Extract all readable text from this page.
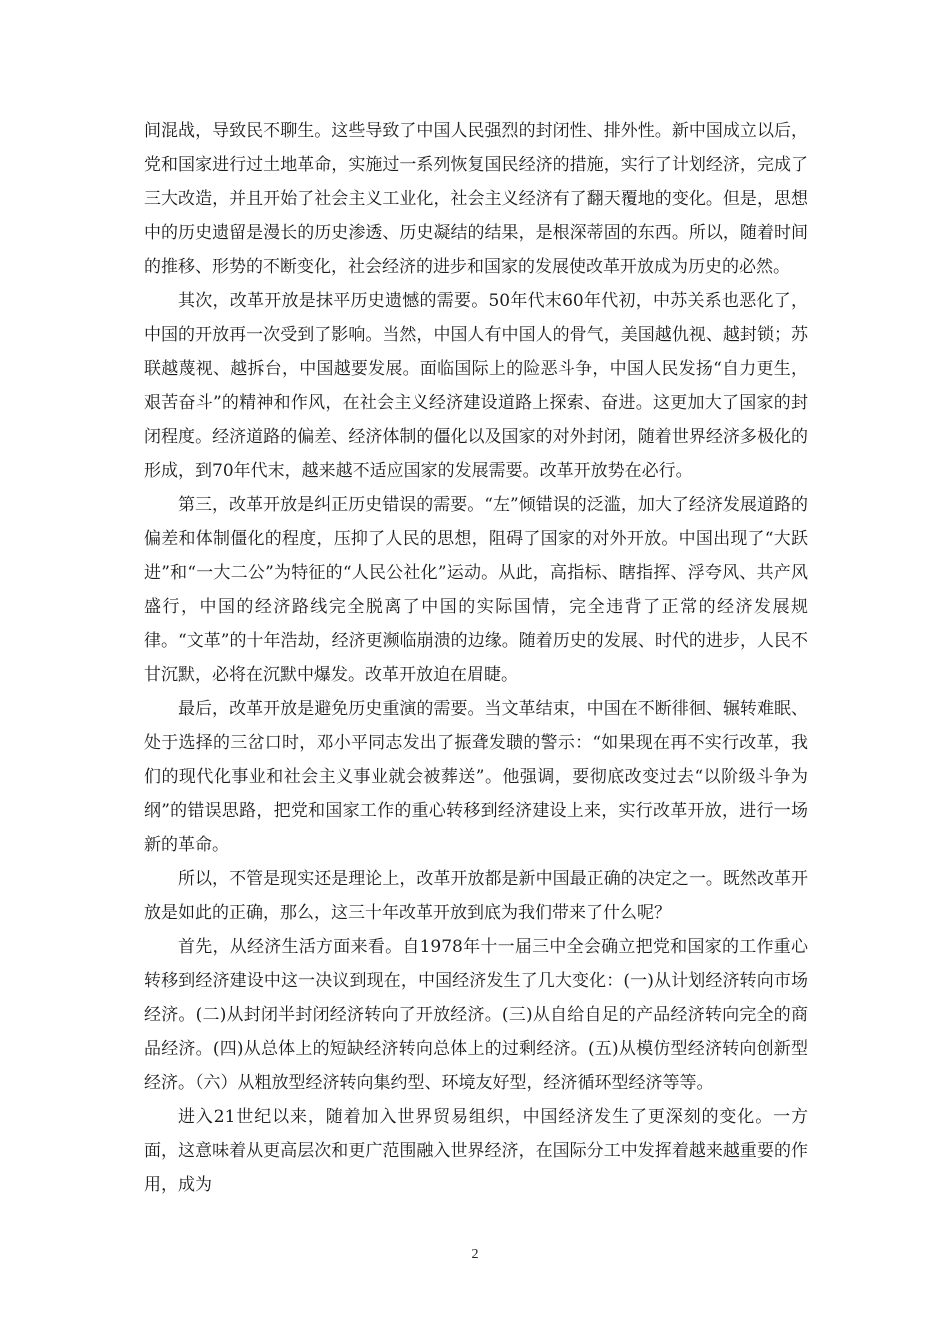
间混战，导致民不聊生。这些导致了中国人民强烈的封闭性、排外性。新中国成立以后，党和国家进行过土地革命，实施过一系列恢复国民经济的措施，实行了计划经济，完成了三大改造，并且开始了社会主义工业化，社会主义经济有了翻天覆地的变化。但是，思想中的历史遗留是漫长的历史渗透、历史凝结的结果，是根深蒂固的东西。所以，随着时间的推移、形势的不断变化，社会经济的进步和国家的发展使改革开放成为历史的必然。

其次，改革开放是抹平历史遗憾的需要。50年代末60年代初，中苏关系也恶化了，中国的开放再一次受到了影响。当然，中国人有中国人的骨气，美国越仇视、越封锁；苏联越蔑视、越拆台，中国越要发展。面临国际上的险恶斗争，中国人民发扬“自力更生，艰苦奋斗”的精神和作风，在社会主义经济建设道路上探索、奋进。这更加大了国家的封闭程度。经济道路的偏差、经济体制的僵化以及国家的对外封闭，随着世界经济多极化的形成，到70年代末，越来越不适应国家的发展需要。改革开放势在必行。

第三，改革开放是纠正历史错误的需要。“左”倾错误的泛滥，加大了经济发展道路的偏差和体制僵化的程度，压抑了人民的思想，阻碍了国家的对外开放。中国出现了“大跃进”和“一大二公”为特征的“人民公社化”运动。从此，高指标、瞎指挥、浮夸风、共产风盛行，中国的经济路线完全脱离了中国的实际国情，完全违背了正常的经济发展规律。“文革”的十年浩劫，经济更濒临崩溃的边缘。随着历史的发展、时代的进步，人民不甘沉默，必将在沉默中爆发。改革开放迫在眉睫。

最后，改革开放是避免历史重演的需要。当文革结束，中国在不断徘徊、辗转难眠、处于选择的三岔口时，邓小平同志发出了振聋发聩的警示：“如果现在再不实行改革，我们的现代化事业和社会主义事业就会被葬送”。他强调，要彻底改变过去“以阶级斗争为纲”的错误思路，把党和国家工作的重心转移到经济建设上来，实行改革开放，进行一场新的革命。

所以，不管是现实还是理论上，改革开放都是新中国最正确的决定之一。既然改革开放是如此的正确，那么，这三十年改革开放到底为我们带来了什么呢？

首先，从经济生活方面来看。自1978年十一届三中全会确立把党和国家的工作重心转移到经济建设中这一决议到现在，中国经济发生了几大变化：(一)从计划经济转向市场经济。(二)从封闭半封闭经济转向了开放经济。(三)从自给自足的产品经济转向完全的商品经济。(四)从总体上的短缺经济转向总体上的过剩经济。(五)从模仿型经济转向创新型经济。（六）从粗放型经济转向集约型、环境友好型，经济循环型经济等等。

进入21世纪以来，随着加入世界贸易组织，中国经济发生了更深刻的变化。一方面，这意味着从更高层次和更广范围融入世界经济，在国际分工中发挥着越来越重要的作用，成为

2
